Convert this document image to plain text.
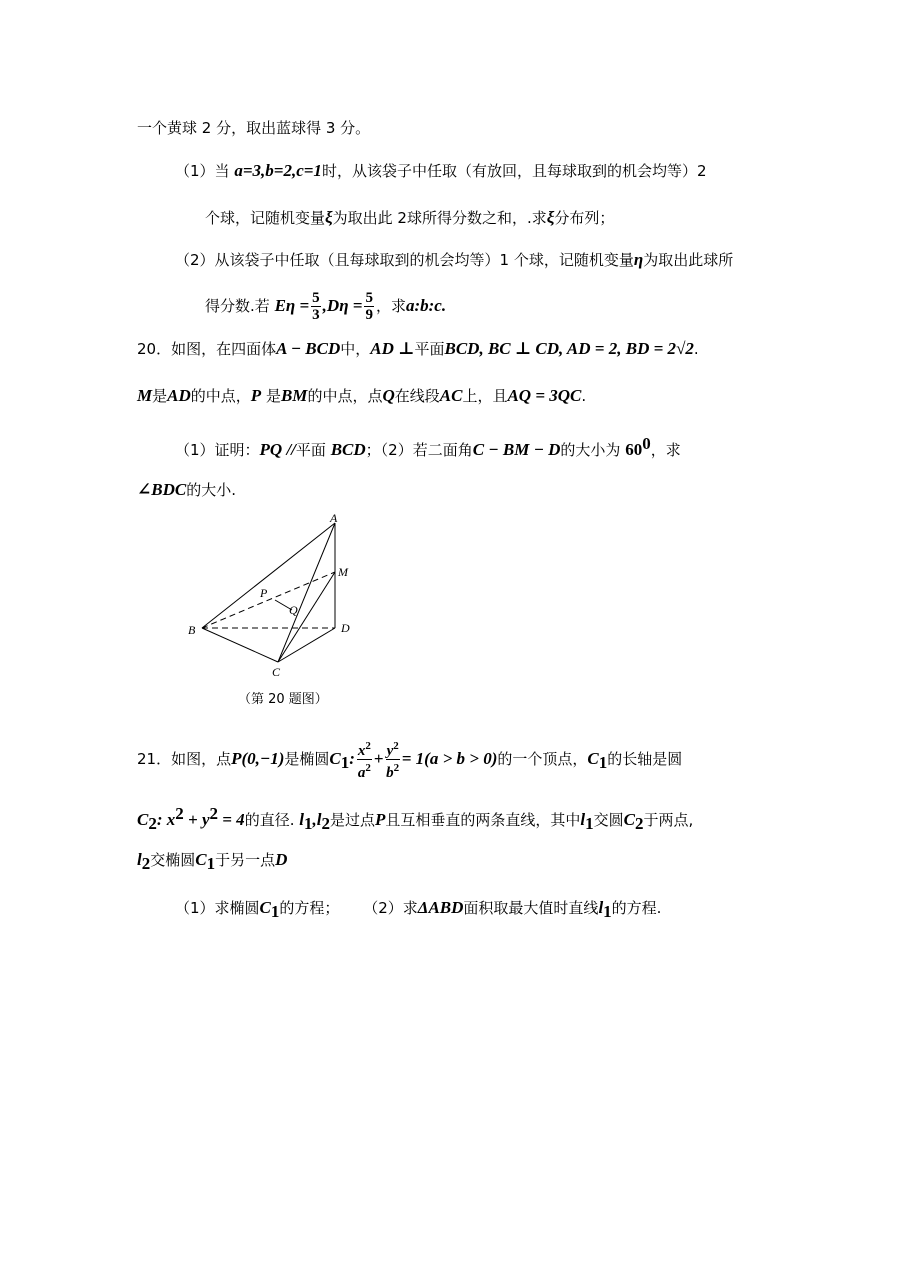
一个黄球 2 分，取出蓝球得 3 分。
（1）当 a=3,b=2,c=1时，从该袋子中任取（有放回，且每球取到的机会均等）2
个球，记随机变量ξ为取出此 2球所得分数之和，.求ξ分布列；
（2）从该袋子中任取（且每球取到的机会均等）1 个球，记随机变量η为取出此球所
得分数.若 $E\eta = \frac{5}{3} ,D\eta = \frac{5}{9}$ ，求a:b:c.
20．如图，在四面体A − BCD中，AD ⊥平面BCD, BC ⊥ CD, AD = 2, BD = 2√2.
M是AD的中点，P 是BM的中点，点Q在线段AC上，且AQ = 3QC.
（1）证明：PQ //平面 BCD；（2）若二面角C − BM − D的大小为 $60^0$，求
∠BDC的大小.
A
M
P
Q
B	D
C
（第 20 题图）
21．如图，点P(0,−1)是椭圆$C_1$: $\frac{x^2}{a^2} + \frac{y^2}{b^2} = 1(a > b > 0)$的一个顶点，$C_1$的长轴是圆
$C_2$: $x^2 + y^2 = 4$的直径. $l_1,l_2$是过点P且互相垂直的两条直线，其中$l_1$交圆$C_2$于两点,
$l_2$交椭圆$C_1$于另一点D
（1）求椭圆$C_1$的方程； （2）求ΔABD面积取最大值时直线$l_1$的方程.
